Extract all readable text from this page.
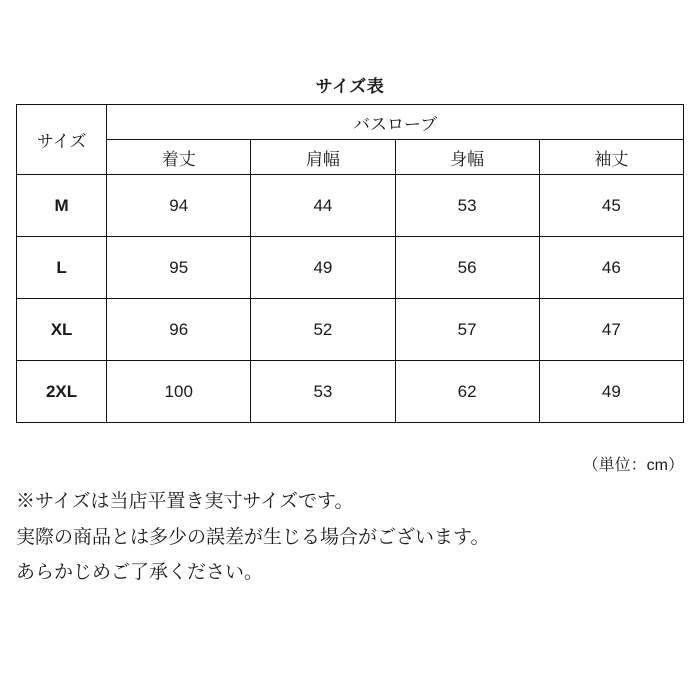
サイズ表
サイズ	バスローブ			
	着丈	肩幅	身幅	袖丈
M	94	44	53	45
L	95	49	56	46
XL	96	52	57	47
2XL	100	53	62	49
（単位：cm）

※サイズは当店平置き実寸サイズです。

実際の商品とは多少の誤差が生じる場合がございます。

あらかじめご了承ください。
